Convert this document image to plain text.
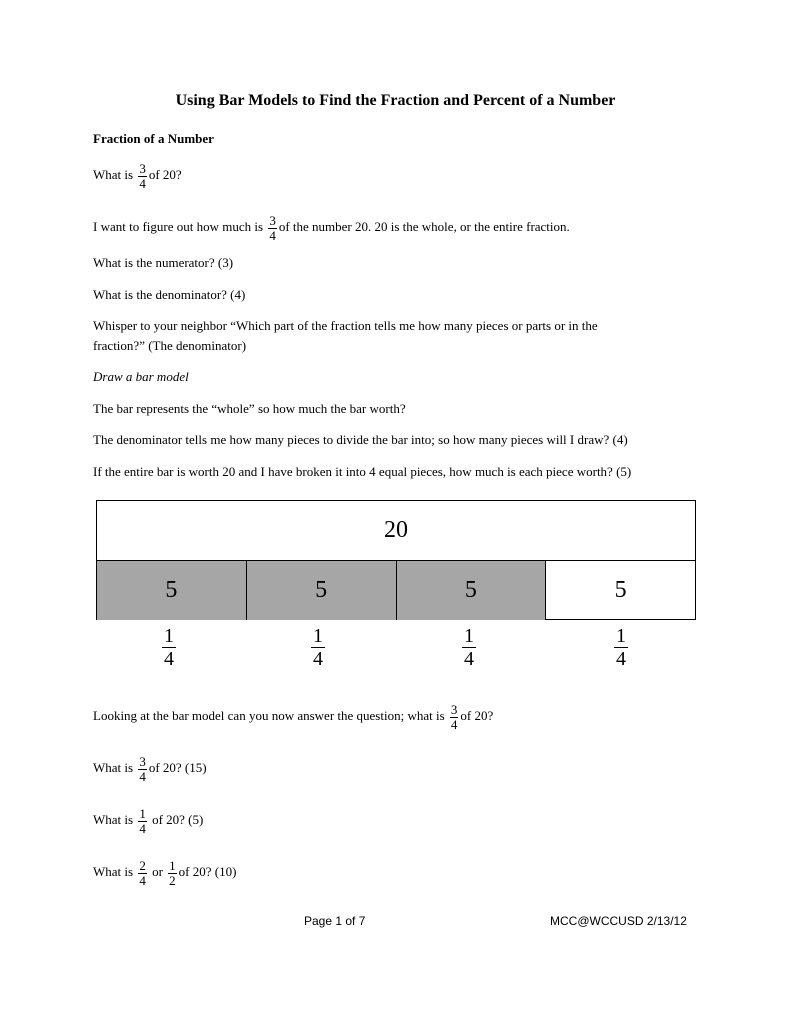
Using Bar Models to Find the Fraction and Percent of a Number
Fraction of a Number
What is $\frac{3}{4}$ of 20?
I want to figure out how much is $\frac{3}{4}$ of the number 20. 20 is the whole, or the entire fraction.
What is the numerator? (3)
What is the denominator? (4)
Whisper to your neighbor “Which part of the fraction tells me how many pieces or parts or in the
fraction?” (The denominator)
Draw a bar model
The bar represents the “whole” so how much the bar worth?
The denominator tells me how many pieces to divide the bar into; so how many pieces will I draw? (4)
If the entire bar is worth 20 and I have broken it into 4 equal pieces, how much is each piece worth? (5)
20
5	5	5	5
$\frac{1}{4}$	$\frac{1}{4}$	$\frac{1}{4}$	$\frac{1}{4}$
Looking at the bar model can you now answer the question; what is $\frac{3}{4}$ of 20?
What is $\frac{3}{4}$ of 20? (15)
What is $\frac{1}{4}$ of 20? (5)
What is $\frac{2}{4}$ or $\frac{1}{2}$ of 20? (10)
Page 1 of 7	MCC@WCCUSD 2/13/12
